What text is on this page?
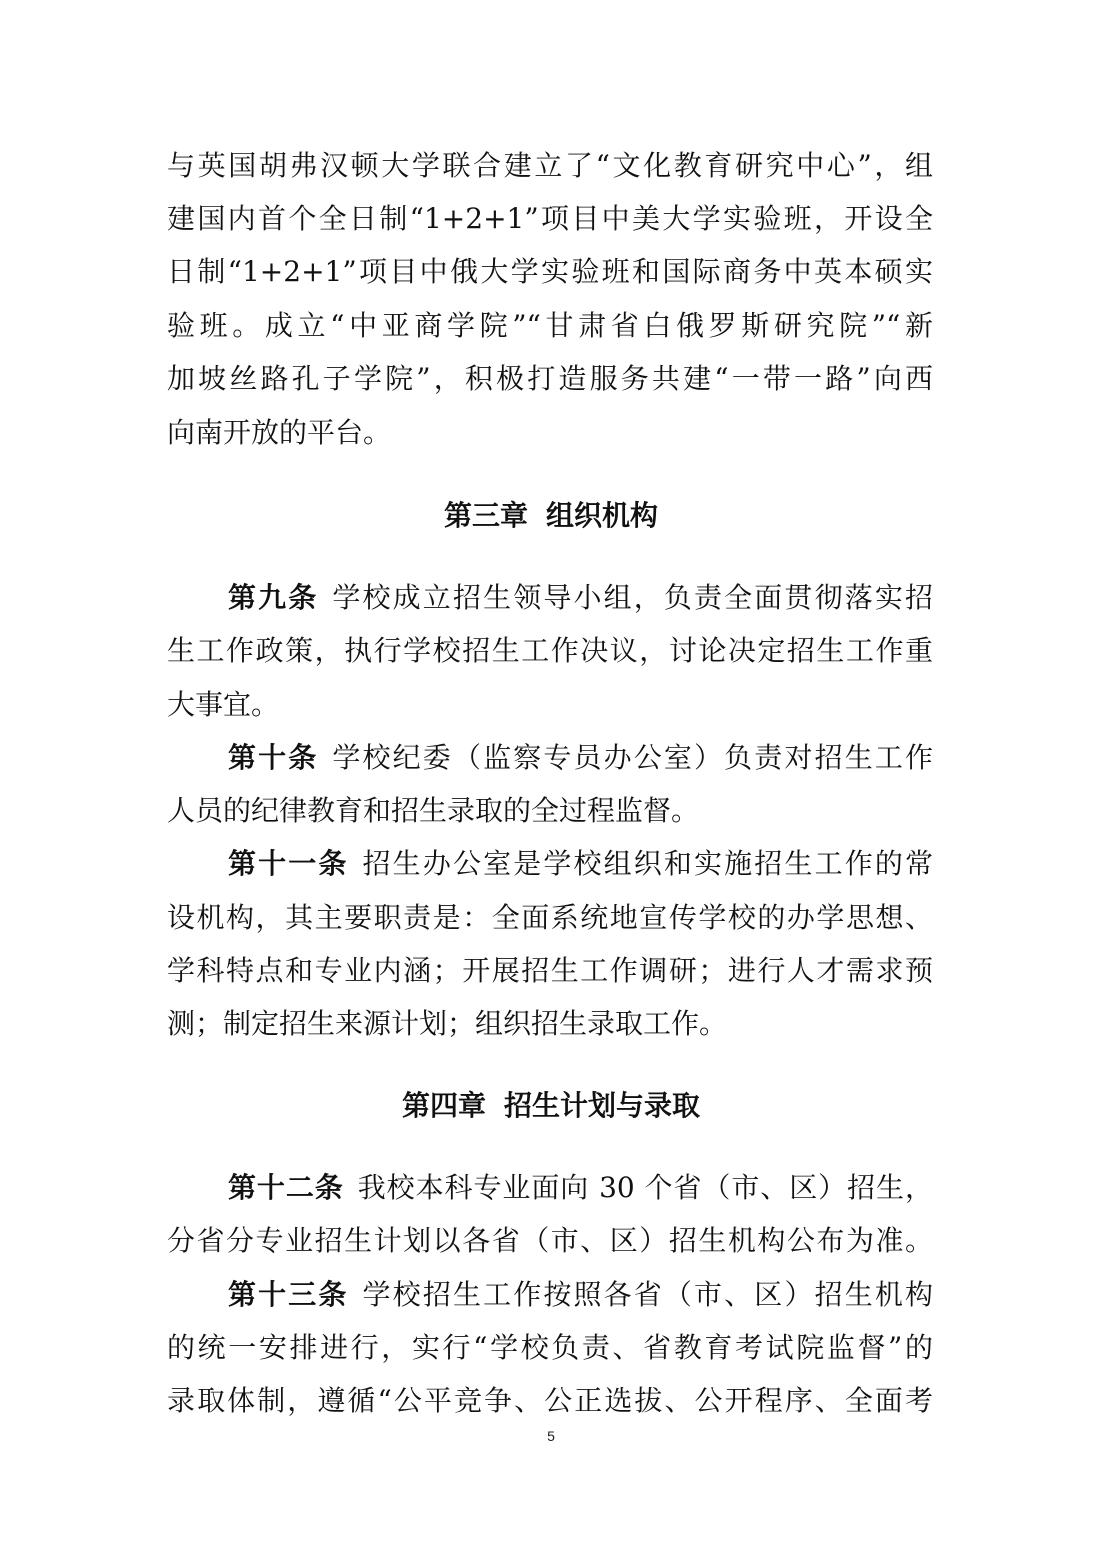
与英国胡弗汉顿大学联合建立了“文化教育研究中心”，组
建国内首个全日制“1+2+1”项目中美大学实验班，开设全
日制“1+2+1”项目中俄大学实验班和国际商务中英本硕实
验班。成立“中亚商学院”“甘肃省白俄罗斯研究院”“新
加坡丝路孔子学院”，积极打造服务共建“一带一路”向西
向南开放的平台。
第三章 组织机构
第九条 学校成立招生领导小组，负责全面贯彻落实招
生工作政策，执行学校招生工作决议，讨论决定招生工作重
大事宜。
第十条 学校纪委（监察专员办公室）负责对招生工作
人员的纪律教育和招生录取的全过程监督。
第十一条 招生办公室是学校组织和实施招生工作的常
设机构，其主要职责是：全面系统地宣传学校的办学思想、
学科特点和专业内涵；开展招生工作调研；进行人才需求预
测；制定招生来源计划；组织招生录取工作。
第四章 招生计划与录取
第十二条 我校本科专业面向 30 个省（市、区）招生，
分省分专业招生计划以各省（市、区）招生机构公布为准。
第十三条 学校招生工作按照各省（市、区）招生机构
的统一安排进行，实行“学校负责、省教育考试院监督”的
录取体制，遵循“公平竞争、公正选拔、公开程序、全面考
5
